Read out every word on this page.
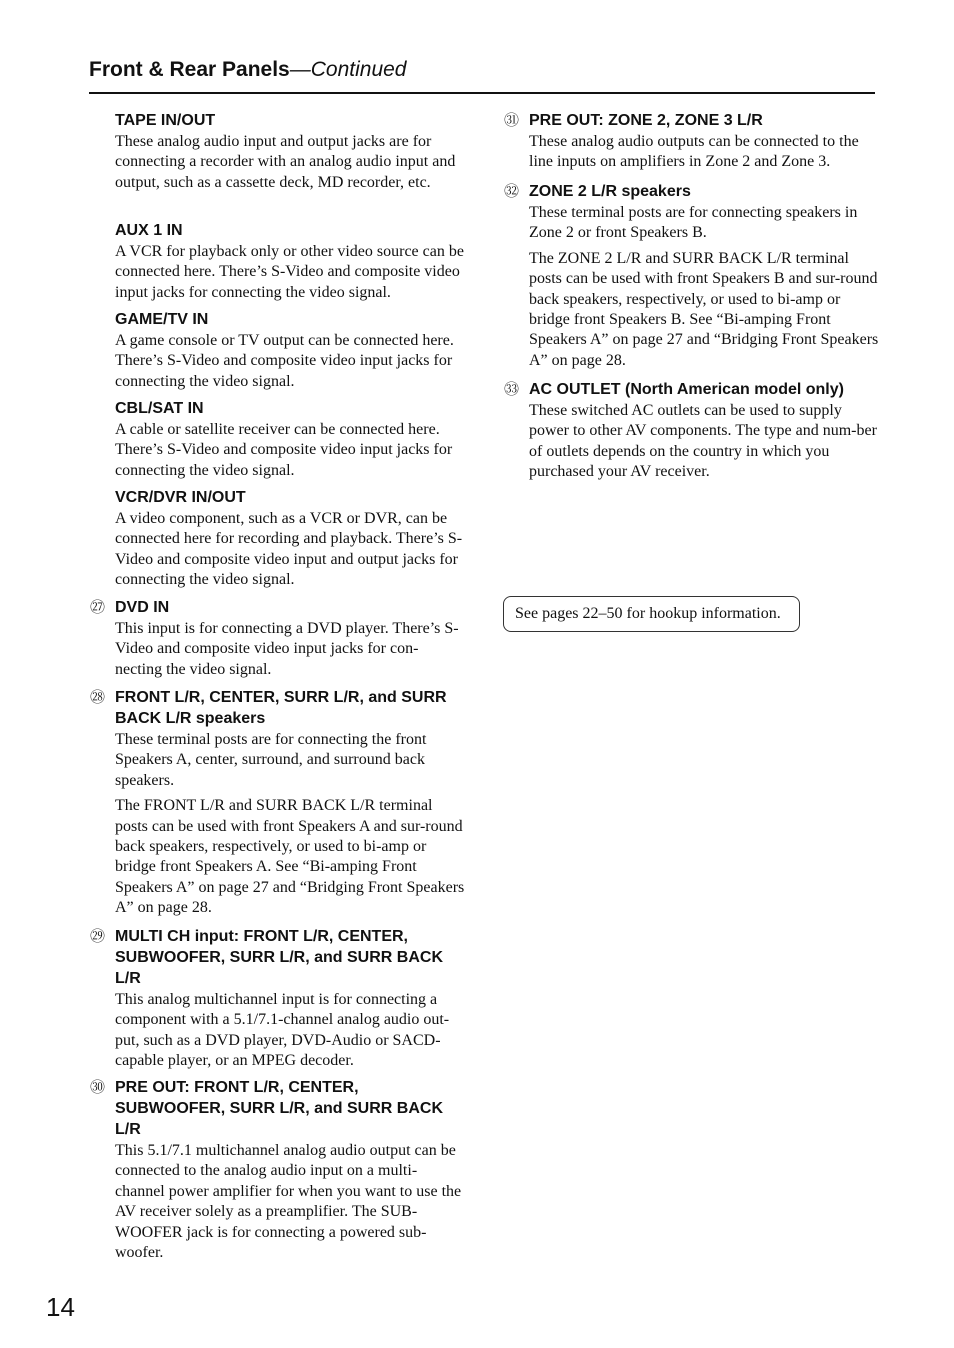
Front & Rear Panels—Continued
TAPE IN/OUT

These analog audio input and output jacks are for connecting a recorder with an analog audio input and output, such as a cassette deck, MD recorder, etc.

AUX 1 IN

A VCR for playback only or other video source can be connected here. There’s S-Video and composite video input jacks for connecting the video signal.

GAME/TV IN

A game console or TV output can be connected here. There’s S-Video and composite video input jacks for connecting the video signal.

CBL/SAT IN

A cable or satellite receiver can be connected here. There’s S-Video and composite video input jacks for connecting the video signal.

VCR/DVR IN/OUT

A video component, such as a VCR or DVR, can be connected here for recording and playback. There’s S-Video and composite video input and output jacks for connecting the video signal.

㉗ DVD IN

This input is for connecting a DVD player. There’s S-Video and composite video input jacks for con-necting the video signal.

㉘ FRONT L/R, CENTER, SURR L/R, and SURR BACK L/R speakers

These terminal posts are for connecting the front Speakers A, center, surround, and surround back speakers.

The FRONT L/R and SURR BACK L/R terminal posts can be used with front Speakers A and sur-round back speakers, respectively, or used to bi-amp or bridge front Speakers A. See “Bi-amping Front Speakers A” on page 27 and “Bridging Front Speakers A” on page 28.

㉙ MULTI CH input: FRONT L/R, CENTER, SUBWOOFER, SURR L/R, and SURR BACK L/R

This analog multichannel input is for connecting a component with a 5.1/7.1-channel analog audio out-put, such as a DVD player, DVD-Audio or SACD-capable player, or an MPEG decoder.

㉚ PRE OUT: FRONT L/R, CENTER, SUBWOOFER, SURR L/R, and SURR BACK L/R

This 5.1/7.1 multichannel analog audio output can be connected to the analog audio input on a multi-channel power amplifier for when you want to use the AV receiver solely as a preamplifier. The SUB-WOOFER jack is for connecting a powered sub-woofer.

㉛ PRE OUT: ZONE 2, ZONE 3 L/R

These analog audio outputs can be connected to the line inputs on amplifiers in Zone 2 and Zone 3.

㉜ ZONE 2 L/R speakers

These terminal posts are for connecting speakers in Zone 2 or front Speakers B.

The ZONE 2 L/R and SURR BACK L/R terminal posts can be used with front Speakers B and sur-round back speakers, respectively, or used to bi-amp or bridge front Speakers B. See “Bi-amping Front Speakers A” on page 27 and “Bridging Front Speakers A” on page 28.

㉝ AC OUTLET (North American model only)

These switched AC outlets can be used to supply power to other AV components. The type and num-ber of outlets depends on the country in which you purchased your AV receiver.

See pages 22–50 for hookup information.
14
